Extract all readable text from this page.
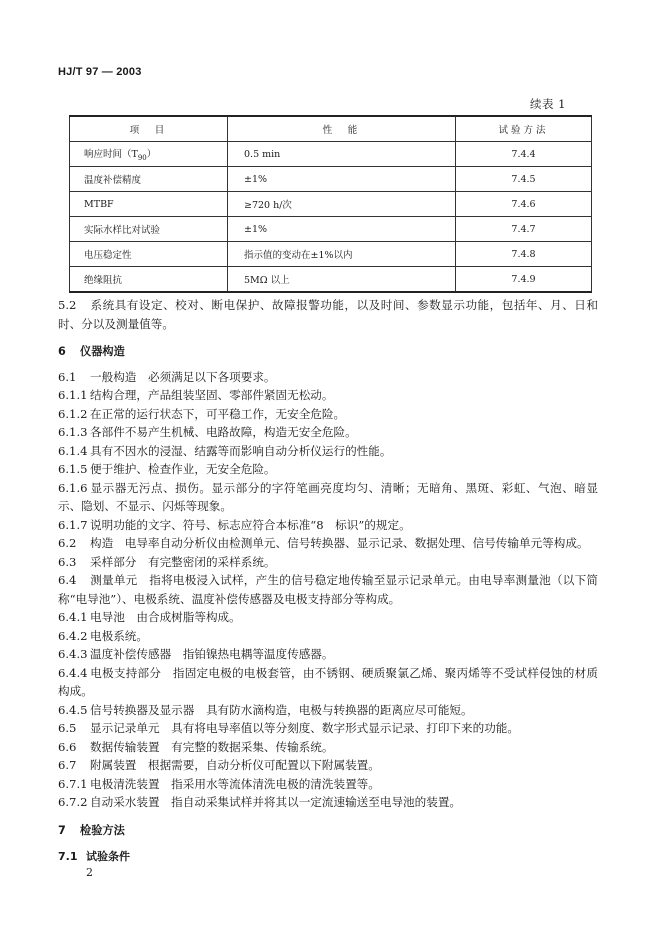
HJ/T 97 — 2003
续表 1
项　目	性　能	试验方法
响应时间$(T_{90})$	0.5 min	7.4.4
温度补偿精度	±1%	7.4.5
MTBF	≥720 h/次	7.4.6
实际水样比对试验	±1%	7.4.7
电压稳定性	指示值的变动在±1%以内	7.4.8
绝缘阻抗	5MΩ 以上	7.4.9

5.2 系统具有设定、校对、断电保护、故障报警功能，以及时间、参数显示功能，包括年、月、日和时、分以及测量值等。

6 仪器构造

6.1 一般构造　必须满足以下各项要求。

6.1.1 结构合理，产品组装坚固、零部件紧固无松动。

6.1.2 在正常的运行状态下，可平稳工作，无安全危险。

6.1.3 各部件不易产生机械、电路故障，构造无安全危险。

6.1.4 具有不因水的浸湿、结露等而影响自动分析仪运行的性能。

6.1.5 便于维护、检查作业，无安全危险。

6.1.6 显示器无污点、损伤。显示部分的字符笔画亮度均匀、清晰；无暗角、黑斑、彩虹、气泡、暗显示、隐划、不显示、闪烁等现象。

6.1.7 说明功能的文字、符号、标志应符合本标准“8　标识”的规定。

6.2 构造　电导率自动分析仪由检测单元、信号转换器、显示记录、数据处理、信号传输单元等构成。

6.3 采样部分　有完整密闭的采样系统。

6.4 测量单元　指将电极浸入试样，产生的信号稳定地传输至显示记录单元。由电导率测量池（以下简称“电导池”）、电极系统、温度补偿传感器及电极支持部分等构成。

6.4.1 电导池　由合成树脂等构成。

6.4.2 电极系统。

6.4.3 温度补偿传感器　指铂镍热电耦等温度传感器。

6.4.4 电极支持部分　指固定电极的电极套管，由不锈钢、硬质聚氯乙烯、聚丙烯等不受试样侵蚀的材质构成。

6.4.5 信号转换器及显示器　具有防水滴构造，电极与转换器的距离应尽可能短。

6.5 显示记录单元　具有将电导率值以等分刻度、数字形式显示记录、打印下来的功能。

6.6 数据传输装置　有完整的数据采集、传输系统。

6.7 附属装置　根据需要，自动分析仪可配置以下附属装置。

6.7.1 电极清洗装置　指采用水等流体清洗电极的清洗装置等。

6.7.2 自动采水装置　指自动采集试样并将其以一定流速输送至电导池的装置。

7 检验方法

7.1 试验条件

2
